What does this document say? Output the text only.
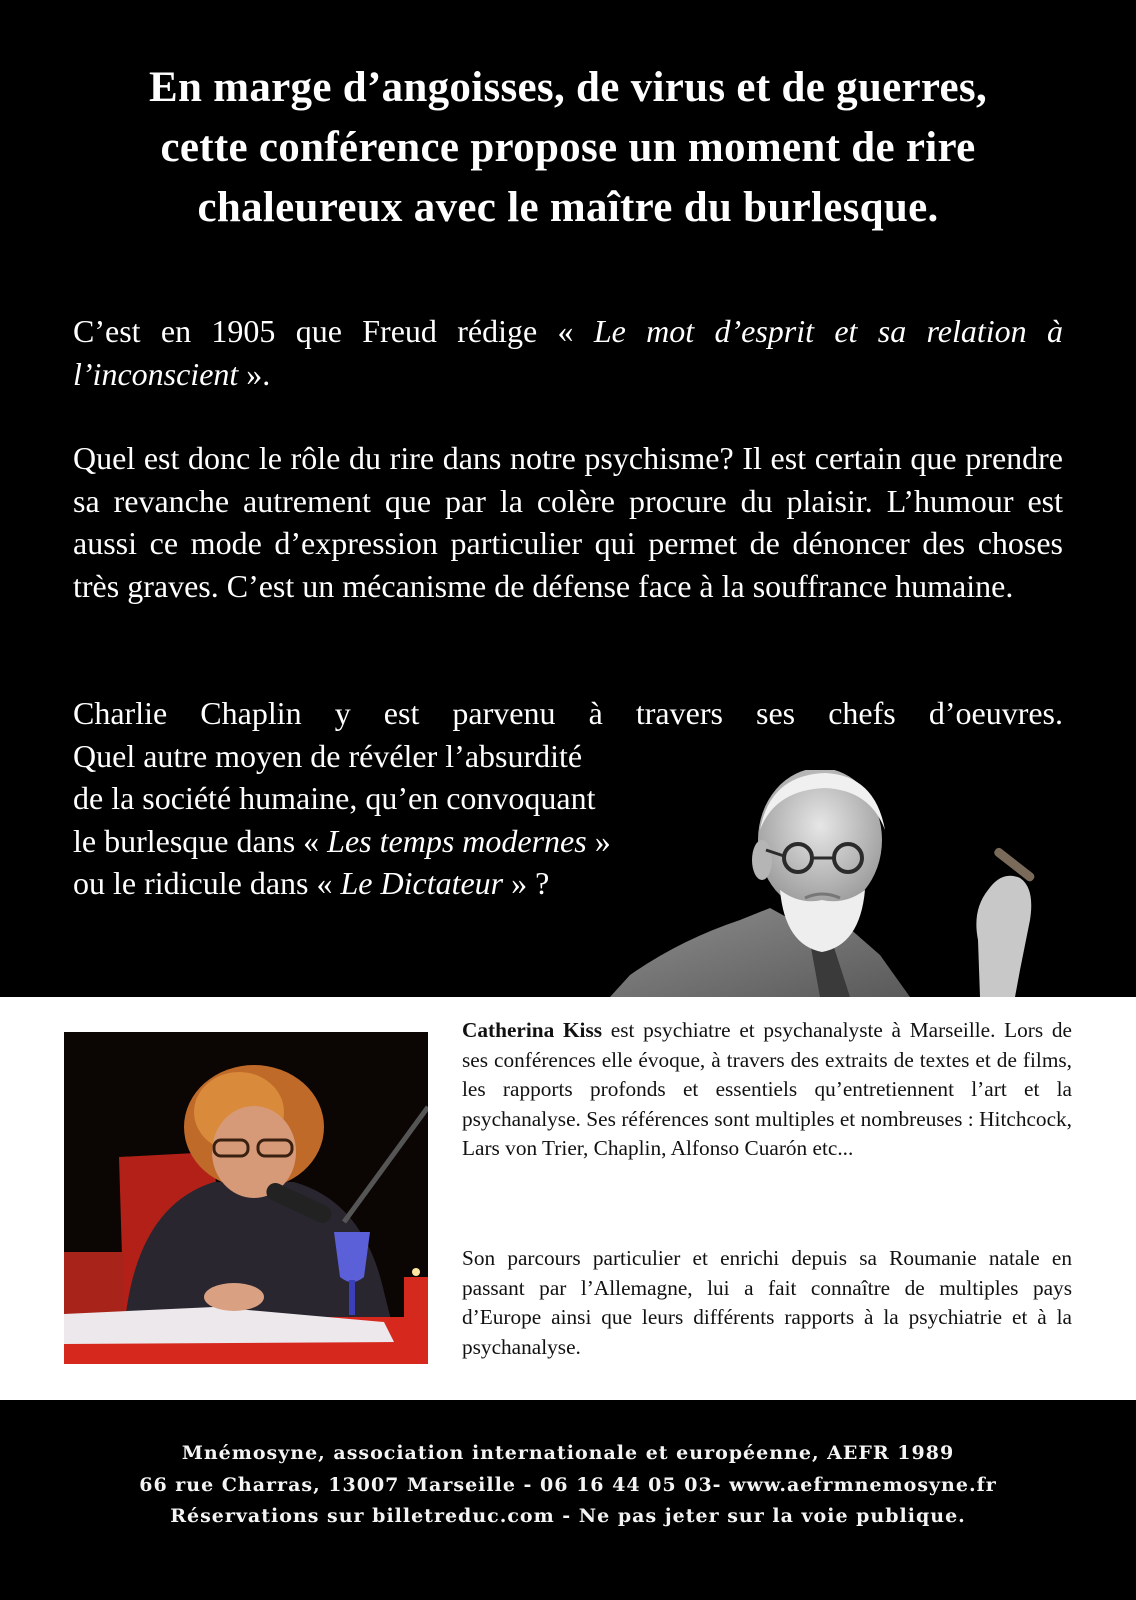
En marge d’angoisses, de virus et de guerres,
cette conférence propose un moment de rire
chaleureux avec le maître du burlesque.

C’est en 1905 que Freud rédige « Le mot d’esprit et sa relation à l’inconscient ».

Quel est donc le rôle du rire dans notre psychisme? Il est certain que prendre sa revanche autrement que par la colère procure du plaisir. L’humour est aussi ce mode d’expression particulier qui permet de dénoncer des choses très graves. C’est un mécanisme de défense face à la souffrance humaine.

Charlie Chaplin y est parvenu à travers ses chefs d’oeuvres.
Quel autre moyen de révéler l’absurdité
de la société humaine, qu’en convoquant
le burlesque dans « Les temps modernes »
ou le ridicule dans « Le Dictateur » ?

Catherina Kiss est psychiatre et psychanalyste à Marseille. Lors de ses conférences elle évoque, à travers des extraits de textes et de films, les rapports profonds et essentiels qu’entretiennent l’art et la psychanalyse. Ses références sont multiples et nombreuses : Hitchcock, Lars von Trier, Chaplin, Alfonso Cuarón etc...

Son parcours particulier et enrichi depuis sa Roumanie natale en passant par l’Allemagne, lui a fait connaître de multiples pays d’Europe ainsi que leurs différents rapports à la psychiatrie et à la psychanalyse.

Mnémosyne, association internationale et européenne, AEFR 1989
66 rue Charras, 13007 Marseille - 06 16 44 05 03- www.aefrmnemosyne.fr
Réservations sur billetreduc.com - Ne pas jeter sur la voie publique.
